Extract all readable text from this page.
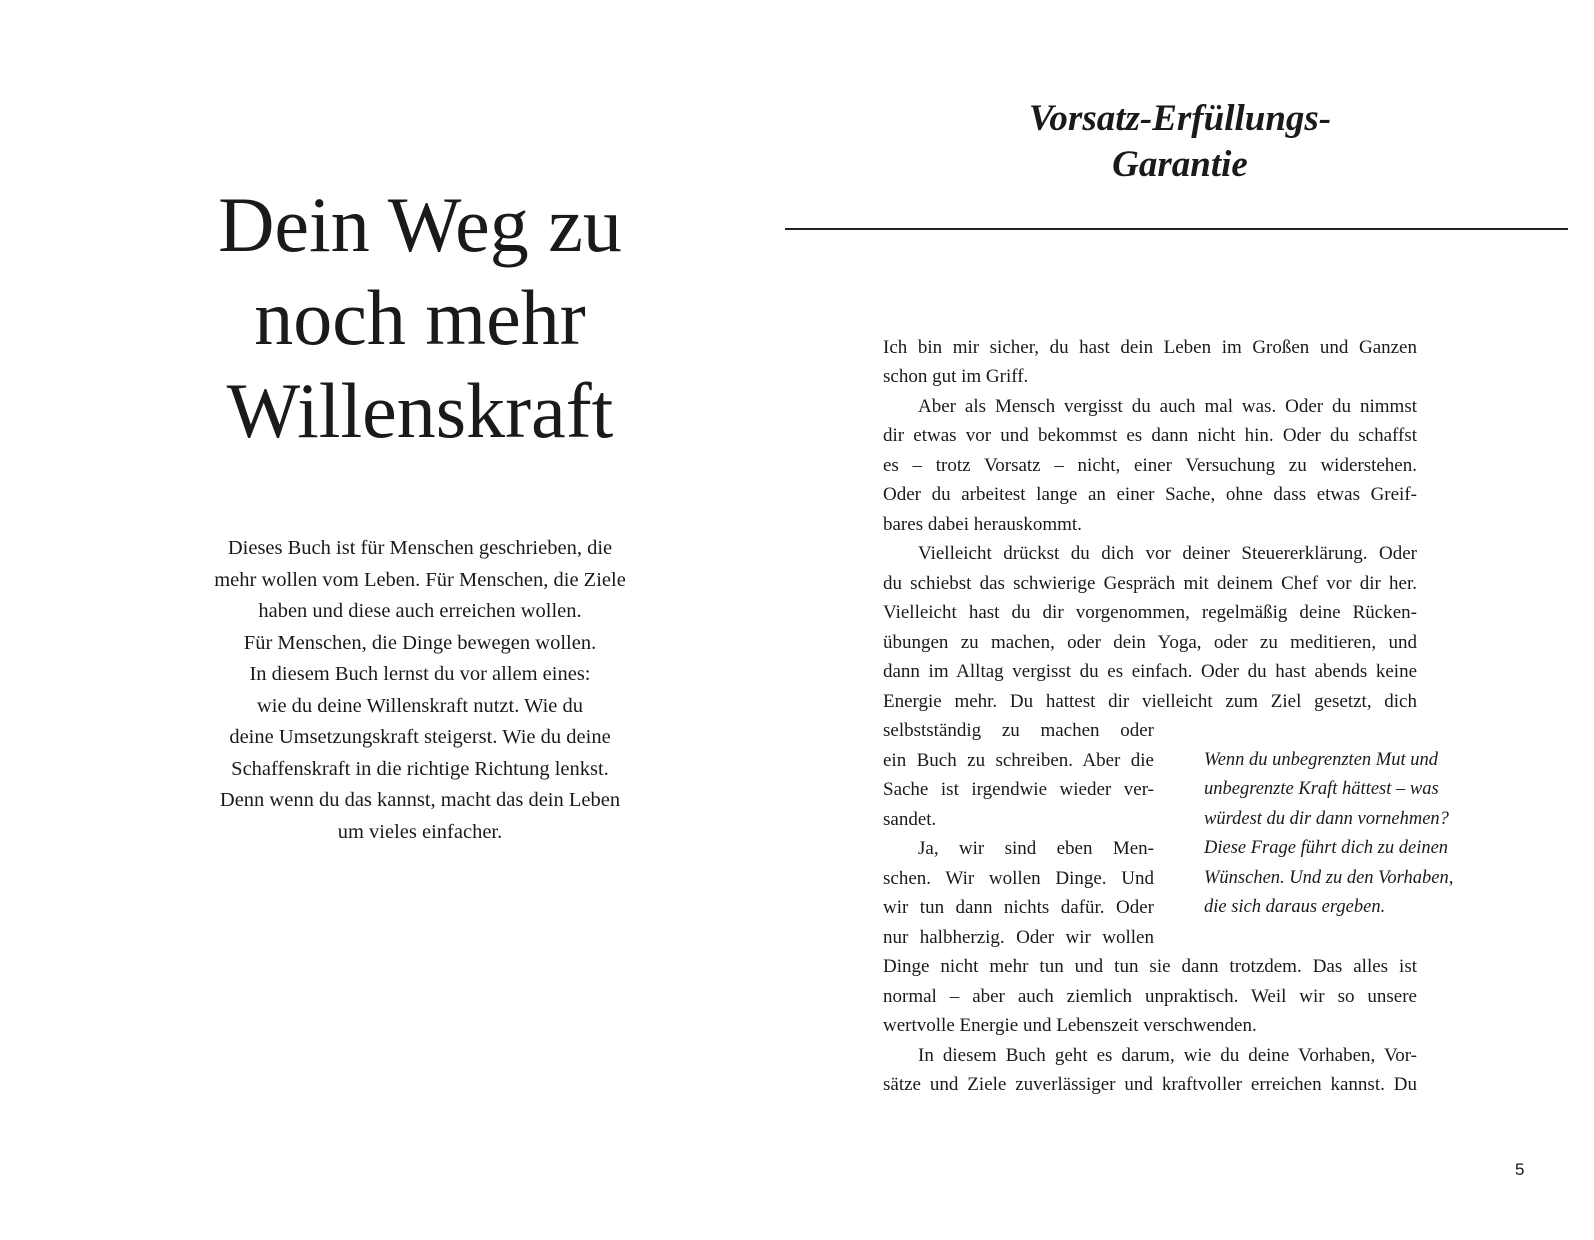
Dein Weg zu
noch mehr
Willenskraft
Dieses Buch ist für Menschen geschrieben, die
mehr wollen vom Leben. Für Menschen, die Ziele
haben und diese auch erreichen wollen.
Für Menschen, die Dinge bewegen wollen.
In diesem Buch lernst du vor allem eines:
wie du deine Willenskraft nutzt. Wie du
deine Umsetzungskraft steigerst. Wie du deine
Schaffenskraft in die richtige Richtung lenkst.
Denn wenn du das kannst, macht das dein Leben
um vieles einfacher.
Vorsatz-Erfüllungs-
Garantie
Ich bin mir sicher, du hast dein Leben im Großen und Ganzen
schon gut im Griff.
Aber als Mensch vergisst du auch mal was. Oder du nimmst
dir etwas vor und bekommst es dann nicht hin. Oder du schaffst
es – trotz Vorsatz – nicht, einer Versuchung zu widerstehen.
Oder du arbeitest lange an einer Sache, ohne dass etwas Greif-
bares dabei herauskommt.
Vielleicht drückst du dich vor deiner Steuererklärung. Oder
du schiebst das schwierige Gespräch mit deinem Chef vor dir her.
Vielleicht hast du dir vorgenommen, regelmäßig deine Rücken-
übungen zu machen, oder dein Yoga, oder zu meditieren, und
dann im Alltag vergisst du es einfach. Oder du hast abends keine
Energie mehr. Du hattest dir vielleicht zum Ziel gesetzt, dich
selbstständig zu machen oder
ein Buch zu schreiben. Aber die
Sache ist irgendwie wieder ver-
sandet.
Ja, wir sind eben Men-
schen. Wir wollen Dinge. Und
wir tun dann nichts dafür. Oder
nur halbherzig. Oder wir wollen
Dinge nicht mehr tun und tun sie dann trotzdem. Das alles ist
normal – aber auch ziemlich unpraktisch. Weil wir so unsere
wertvolle Energie und Lebenszeit verschwenden.
In diesem Buch geht es darum, wie du deine Vorhaben, Vor-
sätze und Ziele zuverlässiger und kraftvoller erreichen kannst. Du
Wenn du unbegrenzten Mut und
unbegrenzte Kraft hättest – was
würdest du dir dann vornehmen?
Diese Frage führt dich zu deinen
Wünschen. Und zu den Vorhaben,
die sich daraus ergeben.
5
